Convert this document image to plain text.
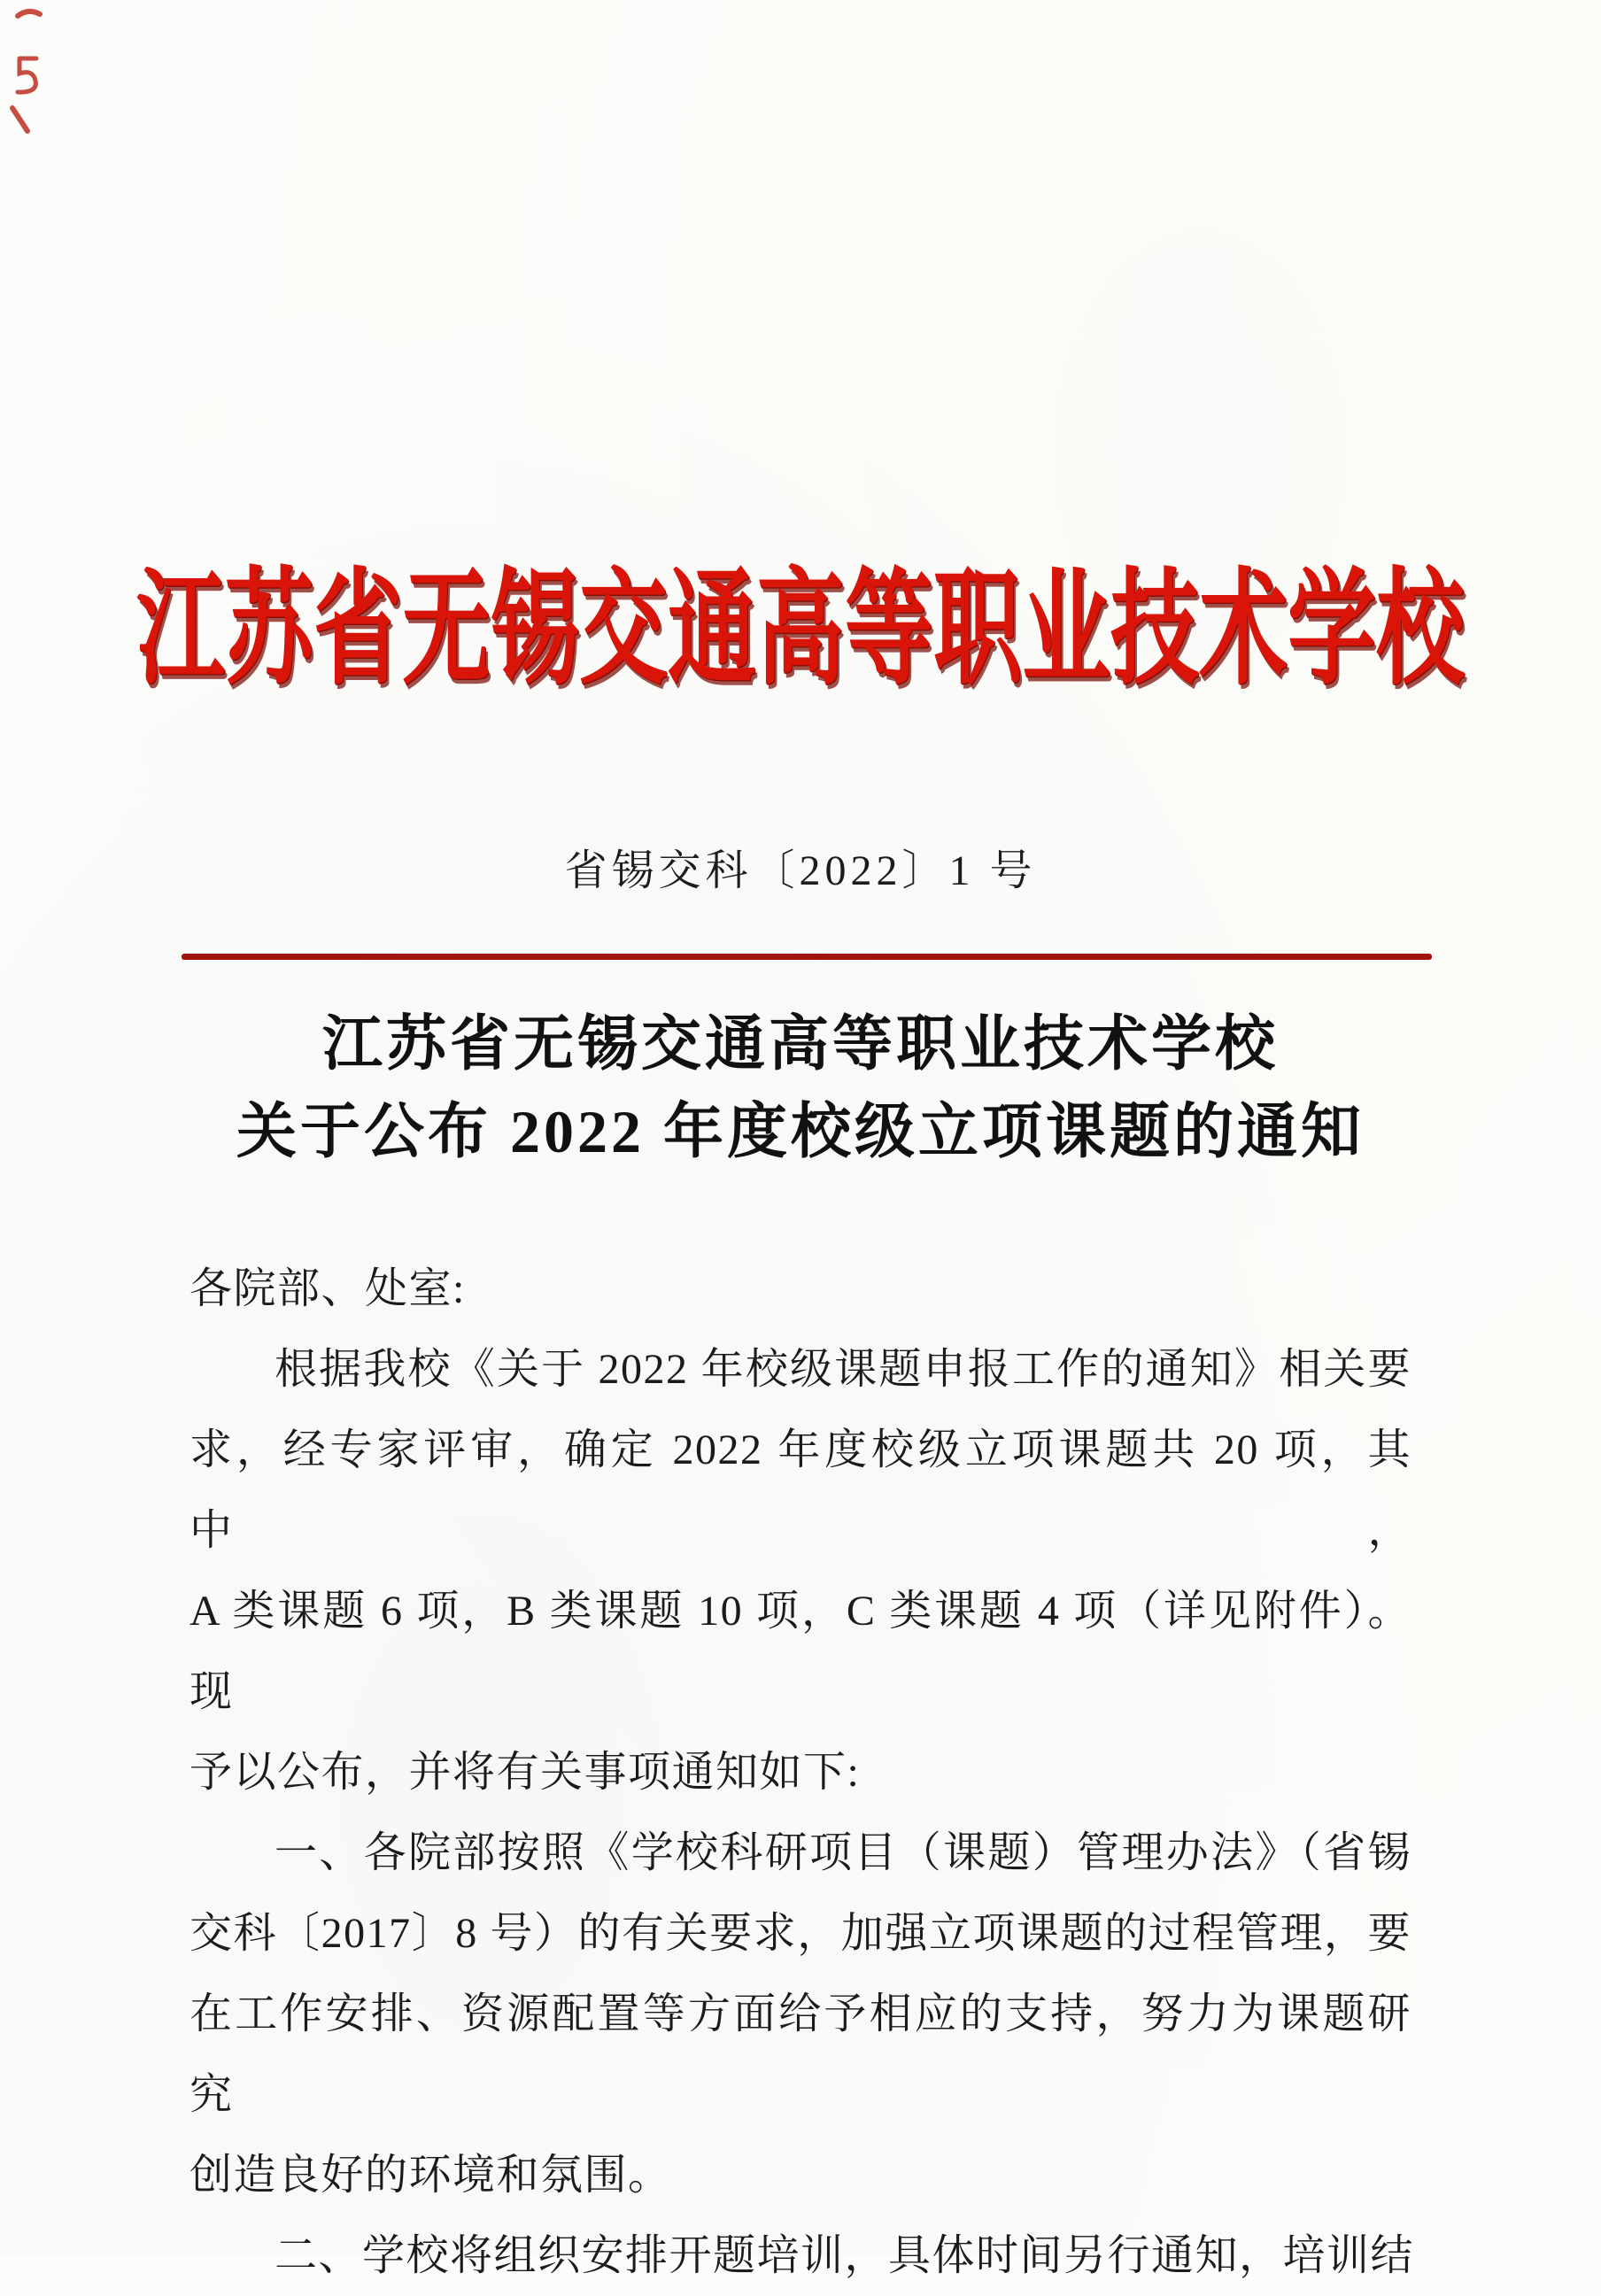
江苏省无锡交通高等职业技术学校
省锡交科〔2022〕1 号
江苏省无锡交通高等职业技术学校
关于公布 2022 年度校级立项课题的通知
各院部、处室:
根据我校《关于 2022 年校级课题申报工作的通知》相关要
求，经专家评审，确定 2022 年度校级立项课题共 20 项，其中，
A 类课题 6 项，B 类课题 10 项，C 类课题 4 项（详见附件）。现
予以公布，并将有关事项通知如下:
一、各院部按照《学校科研项目（课题）管理办法》（省锡
交科〔2017〕8 号）的有关要求，加强立项课题的过程管理，要
在工作安排、资源配置等方面给予相应的支持，努力为课题研究
创造良好的环境和氛围。
二、学校将组织安排开题培训，具体时间另行通知，培训结
